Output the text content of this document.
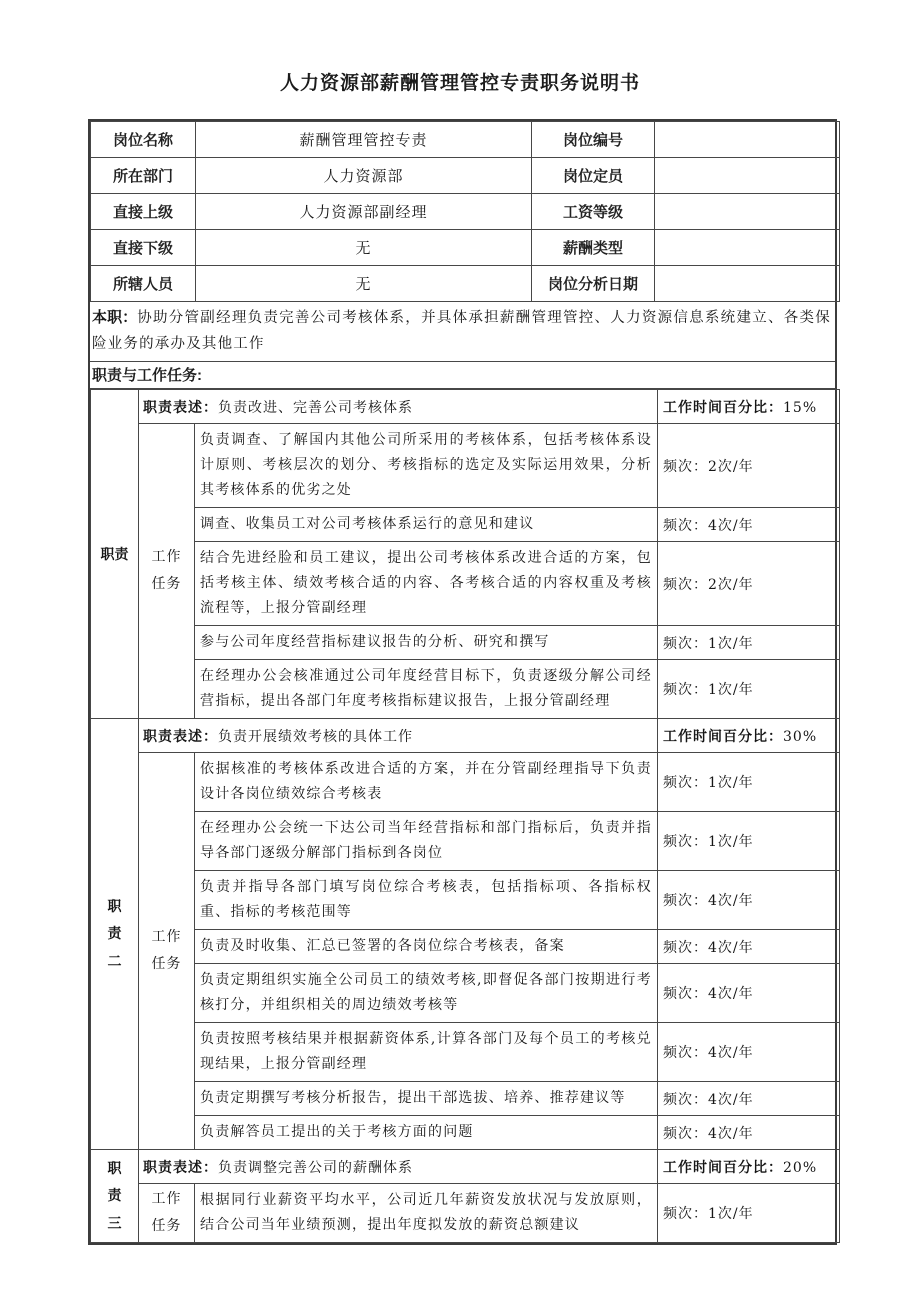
人力资源部薪酬管理管控专责职务说明书
岗位名称	薪酬管理管控专责	岗位编号	
所在部门	人力资源部	岗位定员	
直接上级	人力资源部副经理	工资等级	
直接下级	无	薪酬类型	
所辖人员	无	岗位分析日期	
本职：协助分管副经理负责完善公司考核体系，并具体承担薪酬管理管控、人力资源信息系统建立、各类保险业务的承办及其他工作
职责与工作任务:
职责	职责表述：负责改进、完善公司考核体系		工作时间百分比：15%
	工作任务	负责调查、了解国内其他公司所采用的考核体系，包括考核体系设计原则、考核层次的划分、考核指标的选定及实际运用效果，分析其考核体系的优劣之处	频次：2次/年
		调查、收集员工对公司考核体系运行的意见和建议	频次：4次/年
		结合先进经脸和员工建议，提出公司考核体系改进合适的方案，包括考核主体、绩效考核合适的内容、各考核合适的内容权重及考核流程等，上报分管副经理	频次：2次/年
		参与公司年度经营指标建议报告的分析、研究和撰写	频次：1次/年
		在经理办公会核准通过公司年度经营目标下，负责逐级分解公司经营指标，提出各部门年度考核指标建议报告，上报分管副经理	频次：1次/年
职责二	职责表述：负责开展绩效考核的具体工作		工作时间百分比：30%
	工作任务	依据核准的考核体系改进合适的方案，并在分管副经理指导下负责设计各岗位绩效综合考核表	频次：1次/年
		在经理办公会统一下达公司当年经营指标和部门指标后，负责并指导各部门逐级分解部门指标到各岗位	频次：1次/年
		负责并指导各部门填写岗位综合考核表，包括指标项、各指标权重、指标的考核范围等	频次：4次/年
		负责及时收集、汇总已签署的各岗位综合考核表，备案	频次：4次/年
		负责定期组织实施全公司员工的绩效考核,即督促各部门按期进行考核打分，并组织相关的周边绩效考核等	频次：4次/年
		负责按照考核结果并根据薪资体系,计算各部门及每个员工的考核兑现结果，上报分管副经理	频次：4次/年
		负责定期撰写考核分析报告，提出干部选拔、培养、推荐建议等	频次：4次/年
		负责解答员工提出的关于考核方面的问题	频次：4次/年
职责三	职责表述：负责调整完善公司的薪酬体系		工作时间百分比：20%
	工作任务	根据同行业薪资平均水平，公司近几年薪资发放状况与发放原则，结合公司当年业绩预测，提出年度拟发放的薪资总额建议	频次：1次/年
